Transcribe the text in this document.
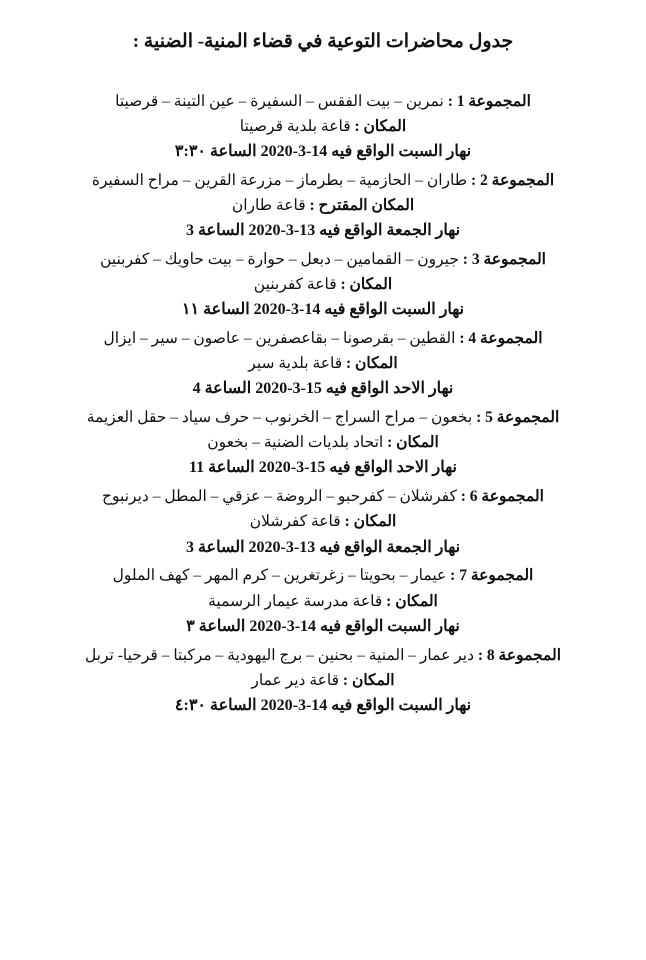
جدول محاضرات التوعية في قضاء المنية- الضنية :
المجموعة 1 : نمرين – بيت الفقس – السفيرة – عين التينة – قرصيتا
المكان : قاعة بلدية قرصيتا
نهار السبت الواقع فيه 14-3-2020 الساعة ٣:٣٠
المجموعة 2 : طاران – الحازمية – بطرماز – مزرعة القرين – مراح السفيرة
المكان المقترح : قاعة طاران
نهار الجمعة الواقع فيه 13-3-2020 الساعة 3
المجموعة 3 : جيرون – القمامين – دبعل – حوارة – بيت حاويك – كفربنين
المكان : قاعة كفربنين
نهار السبت الواقع فيه 14-3-2020 الساعة ١١
المجموعة 4 : القطين – بقرصونا – بقاعصفرين – عاصون – سير – ايزال
المكان : قاعة بلدية سير
نهار الاحد الواقع فيه 15-3-2020 الساعة 4
المجموعة 5 : بخعون – مراح السراج – الخرنوب – حرف سياد – حقل العزيمة
المكان : اتحاد بلديات الضنية – بخعون
نهار الاحد الواقع فيه 15-3-2020 الساعة 11
المجموعة 6 : كفرشلان – كفرحبو – الروضة – عزقي – المطل – ديرنبوح
المكان : قاعة كفرشلان
نهار الجمعة الواقع فيه 13-3-2020 الساعة 3
المجموعة 7 : عيمار – بحويتا – زغرتغرين – كرم المهر – كهف الملول
المكان : قاعة مدرسة عيمار الرسمية
نهار السبت الواقع فيه 14-3-2020 الساعة ٣
المجموعة 8 : دير عمار – المنية – بحنين – برج اليهودية – مركبتا – قرحيا- تربل
المكان : قاعة دير عمار
نهار السبت الواقع فيه 14-3-2020 الساعة ٤:٣٠
